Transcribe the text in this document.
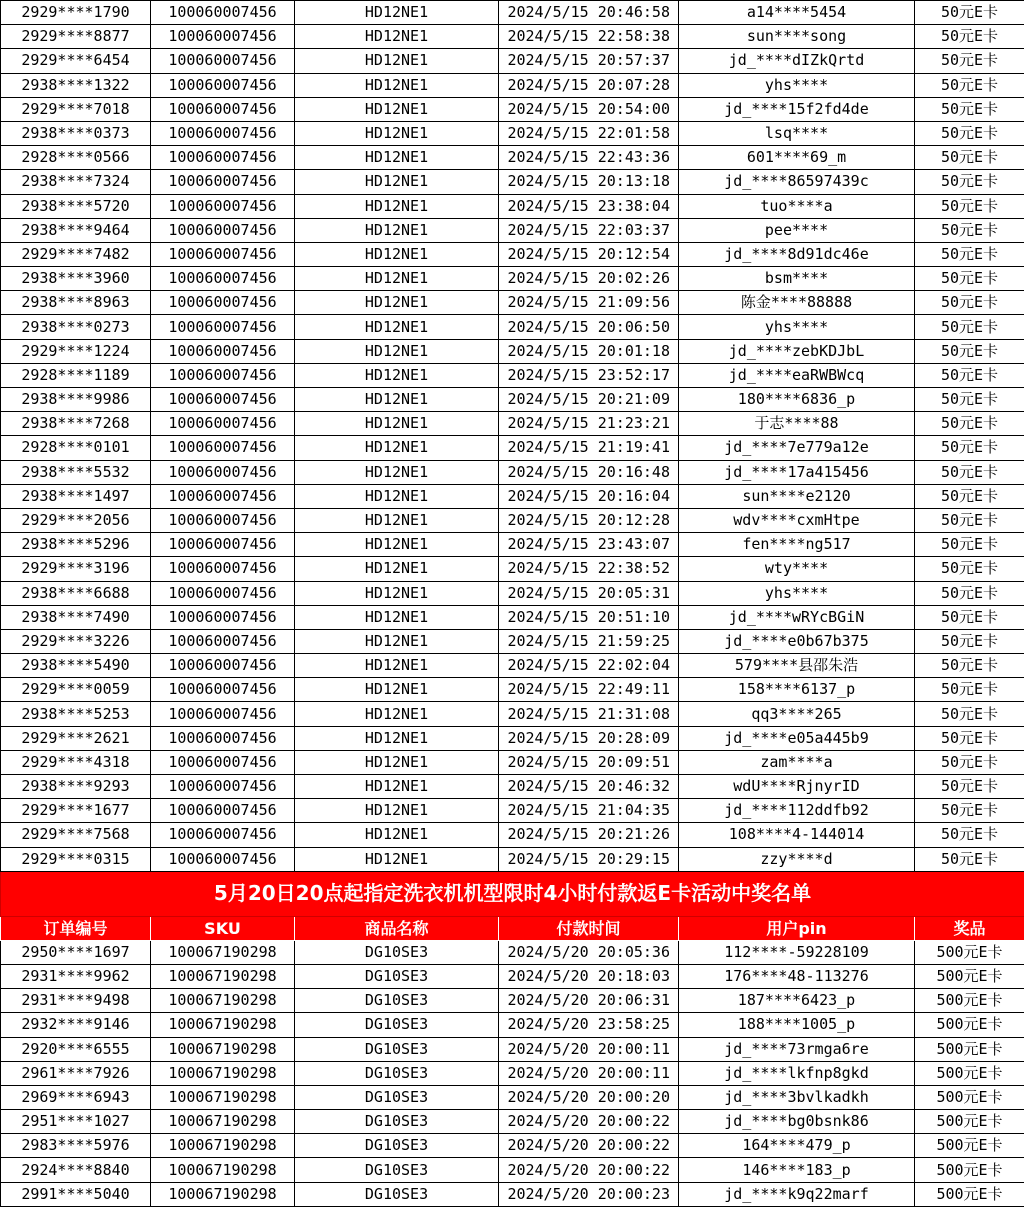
2929****1790	100060007456	HD12NE1	2024/5/15 20:46:58	a14****5454	50元E卡
2929****8877	100060007456	HD12NE1	2024/5/15 22:58:38	sun****song	50元E卡
2929****6454	100060007456	HD12NE1	2024/5/15 20:57:37	jd_****dIZkQrtd	50元E卡
2938****1322	100060007456	HD12NE1	2024/5/15 20:07:28	yhs****	50元E卡
2929****7018	100060007456	HD12NE1	2024/5/15 20:54:00	jd_****15f2fd4de	50元E卡
2938****0373	100060007456	HD12NE1	2024/5/15 22:01:58	lsq****	50元E卡
2928****0566	100060007456	HD12NE1	2024/5/15 22:43:36	601****69_m	50元E卡
2938****7324	100060007456	HD12NE1	2024/5/15 20:13:18	jd_****86597439c	50元E卡
2938****5720	100060007456	HD12NE1	2024/5/15 23:38:04	tuo****a	50元E卡
2938****9464	100060007456	HD12NE1	2024/5/15 22:03:37	pee****	50元E卡
2929****7482	100060007456	HD12NE1	2024/5/15 20:12:54	jd_****8d91dc46e	50元E卡
2938****3960	100060007456	HD12NE1	2024/5/15 20:02:26	bsm****	50元E卡
2938****8963	100060007456	HD12NE1	2024/5/15 21:09:56	陈金****88888	50元E卡
2938****0273	100060007456	HD12NE1	2024/5/15 20:06:50	yhs****	50元E卡
2929****1224	100060007456	HD12NE1	2024/5/15 20:01:18	jd_****zebKDJbL	50元E卡
2928****1189	100060007456	HD12NE1	2024/5/15 23:52:17	jd_****eaRWBWcq	50元E卡
2938****9986	100060007456	HD12NE1	2024/5/15 20:21:09	180****6836_p	50元E卡
2938****7268	100060007456	HD12NE1	2024/5/15 21:23:21	于志****88	50元E卡
2928****0101	100060007456	HD12NE1	2024/5/15 21:19:41	jd_****7e779a12e	50元E卡
2938****5532	100060007456	HD12NE1	2024/5/15 20:16:48	jd_****17a415456	50元E卡
2938****1497	100060007456	HD12NE1	2024/5/15 20:16:04	sun****e2120	50元E卡
2929****2056	100060007456	HD12NE1	2024/5/15 20:12:28	wdv****cxmHtpe	50元E卡
2938****5296	100060007456	HD12NE1	2024/5/15 23:43:07	fen****ng517	50元E卡
2929****3196	100060007456	HD12NE1	2024/5/15 22:38:52	wty****	50元E卡
2938****6688	100060007456	HD12NE1	2024/5/15 20:05:31	yhs****	50元E卡
2938****7490	100060007456	HD12NE1	2024/5/15 20:51:10	jd_****wRYcBGiN	50元E卡
2929****3226	100060007456	HD12NE1	2024/5/15 21:59:25	jd_****e0b67b375	50元E卡
2938****5490	100060007456	HD12NE1	2024/5/15 22:02:04	579****县邵朱浩	50元E卡
2929****0059	100060007456	HD12NE1	2024/5/15 22:49:11	158****6137_p	50元E卡
2938****5253	100060007456	HD12NE1	2024/5/15 21:31:08	qq3****265	50元E卡
2929****2621	100060007456	HD12NE1	2024/5/15 20:28:09	jd_****e05a445b9	50元E卡
2929****4318	100060007456	HD12NE1	2024/5/15 20:09:51	zam****a	50元E卡
2938****9293	100060007456	HD12NE1	2024/5/15 20:46:32	wdU****RjnyrID	50元E卡
2929****1677	100060007456	HD12NE1	2024/5/15 21:04:35	jd_****112ddfb92	50元E卡
2929****7568	100060007456	HD12NE1	2024/5/15 20:21:26	108****4-144014	50元E卡
2929****0315	100060007456	HD12NE1	2024/5/15 20:29:15	zzy****d	50元E卡
5月20日20点起指定洗衣机机型限时4小时付款返E卡活动中奖名单					
订单编号	SKU	商品名称	付款时间	用户pin	奖品
2950****1697	100067190298	DG10SE3	2024/5/20 20:05:36	112****-59228109	500元E卡
2931****9962	100067190298	DG10SE3	2024/5/20 20:18:03	176****48-113276	500元E卡
2931****9498	100067190298	DG10SE3	2024/5/20 20:06:31	187****6423_p	500元E卡
2932****9146	100067190298	DG10SE3	2024/5/20 23:58:25	188****1005_p	500元E卡
2920****6555	100067190298	DG10SE3	2024/5/20 20:00:11	jd_****73rmga6re	500元E卡
2961****7926	100067190298	DG10SE3	2024/5/20 20:00:11	jd_****lkfnp8gkd	500元E卡
2969****6943	100067190298	DG10SE3	2024/5/20 20:00:20	jd_****3bvlkadkh	500元E卡
2951****1027	100067190298	DG10SE3	2024/5/20 20:00:22	jd_****bg0bsnk86	500元E卡
2983****5976	100067190298	DG10SE3	2024/5/20 20:00:22	164****479_p	500元E卡
2924****8840	100067190298	DG10SE3	2024/5/20 20:00:22	146****183_p	500元E卡
2991****5040	100067190298	DG10SE3	2024/5/20 20:00:23	jd_****k9q22marf	500元E卡
